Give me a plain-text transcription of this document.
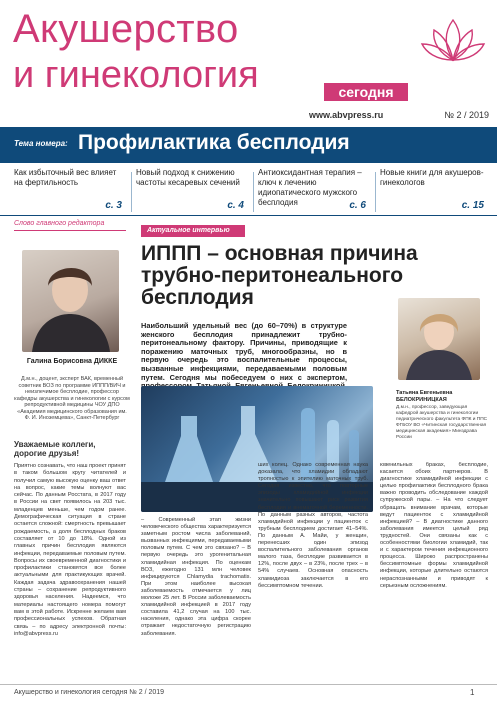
Акушерство
и гинекология	сегодня
www.abvpress.ru	№ 2 / 2019
Тема номера: Профилактика бесплодия
Как избыточный вес влияет на фертильность
с. 3
Новый подход к снижению частоты кесаревых сечений
с. 4
Антиоксидантная терапия – ключ к лечению идиопатического мужского бесплодия	с. 6
Новые книги для акушеров-гинекологов
с. 15
Слово главного редактора
Галина Борисовна ДИККЕ
Д.м.н., доцент, эксперт ВАК, временный советник ВОЗ по программе ИППП/ВИЧ и неизлечимое бесплодие, профессор кафедры акушерства и гинекологии с курсом репродуктивной медицины ЧОУ ДПО «Академия медицинского образования им. Ф. И. Иноземцева», Санкт-Петербург
Уважаемые коллеги, дорогие друзья!
Приятно сознавать, что наш проект принят в таком большом кругу читателей и получил самую высокую оценку ваш ответ на вопрос, какие темы волнуют вас сейчас. По данным Росстата, в 2017 году в России на свет появилось на 203 тыс. младенцев меньше, чем годом ранее. Демографическая ситуация в стране остается сложной: смертность превышает рождаемость, а доля бесплодных браков составляет от 10 до 18%. Одной из главных причин бесплодия являются инфекции, передаваемые половым путем. Вопросы их своевременной диагностики и профилактики становятся все более актуальными для практикующих врачей. Каждая задача здравоохранения нашей страны – сохранение репродуктивного здоровья населения. Надеемся, что материалы настоящего номера помогут вам в этой работе. Искренне желаем вам профессиональных успехов. Обратная связь – по адресу электронной почты: info@abvpress.ru
Актуальное интервью
ИППП – основная причина трубно-перитонеального бесплодия
Наибольший удельный вес (до 60–70%) в структуре женского бесплодия принадлежит трубно-перитонеальному фактору. Причины, приводящие к поражению маточных труб, многообразны, но в первую очередь это воспалительные процессы, вызванные инфекциями, передаваемыми половым путем. Сегодня мы побеседуем о них с экспертом,
Татьяна Евгеньевна БЕЛОКРИНИЦКАЯ
Д.м.н., профессор, заведующая кафедрой акушерства и гинекологии педиатрического факультета ФПК и ППС ФГБОУ ВО «Читинская государственная медицинская академия» Минздрава России
– Современный этап жизни человеческого общества характеризуется заметным ростом числа заболеваний, вызванных инфекциями, передаваемыми половым путем. С чем это связано? – В первую очередь это урогенитальная хламидийная инфекция. По оценкам ВОЗ, ежегодно 131 млн человек инфицируются Chlamydia trachomatis. При этом наиболее высокая заболеваемость отмечается у лиц моложе 25 лет. В России заболеваемость хламидийной инфекцией в 2017 году составила 41,2 случая на 100 тыс. населения, однако эта цифра скорее отражает недостаточную регистрацию заболевания.
ших колец. Однако современная наука доказала, что хламидии обладают тропностью к эпителию маточных труб. Сегодня известно, что повторные эпизоды хламидийной инфекции значительно повышают риск развития бесплодия и внематочной беременности. По данным разных авторов, частота хламидийной инфекции у пациенток с трубным бесплодием достигает 41–54%. По данным А. Майи, у женщин, перенесших один эпизод воспалительного заболевания органов малого таза, бесплодие развивается в 12%, после двух – в 23%, после трех – в 54% случаев. Основная опасность хламидиоза заключается в его бессимптомном течении.
ювенильных браках, бесплодие, касается обоих партнеров. В диагностике хламидийной инфекции с целью профилактики бесплодного брака важно проводить обследование каждой супружеской пары. – На что следует обращать внимание врачам, которые ведут пациенток с хламидийной инфекцией? – В диагностике данного заболевания имеется целый ряд трудностей. Они связаны как с особенностями биологии хламидий, так и с характером течения инфекционного процесса. Широко распространены бессимптомные формы хламидийной инфекции, которые длительно остаются нераспознанными и приводят к серьезным осложнениям.
Акушерство и гинекология сегодня № 2 / 2019	1
